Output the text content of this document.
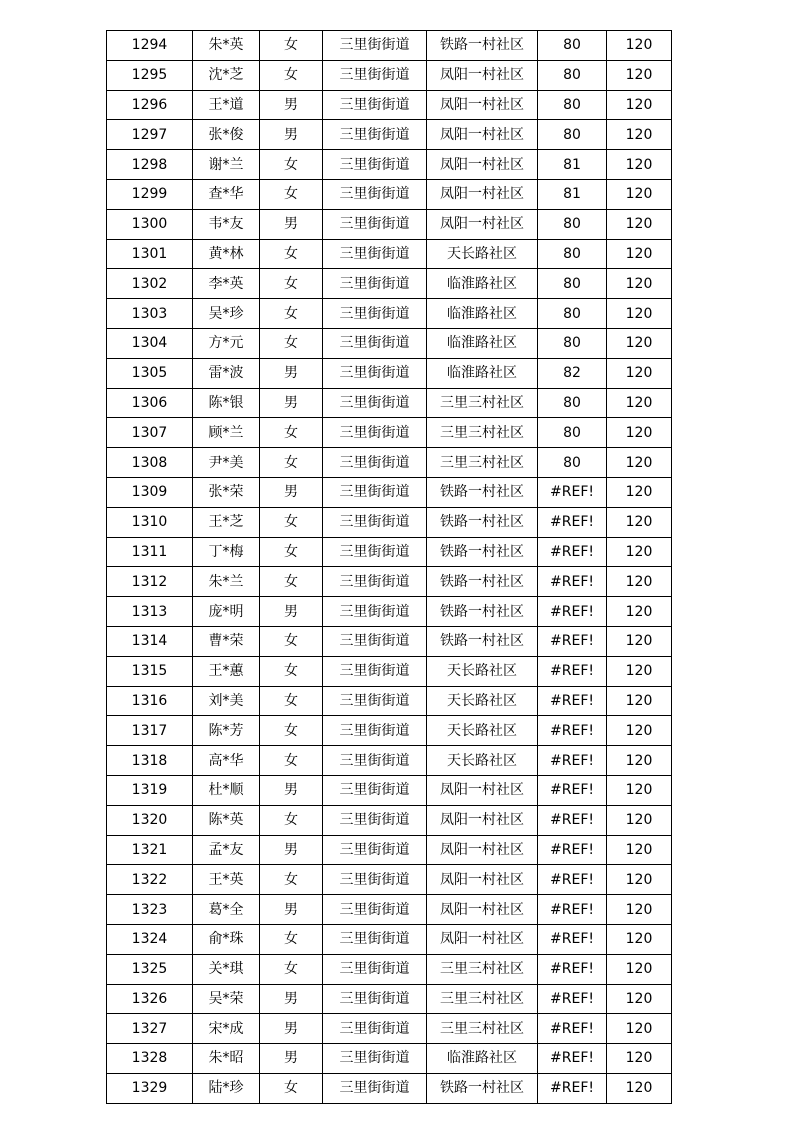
1294	朱*英	女	三里街街道	铁路一村社区	80	120
1295	沈*芝	女	三里街街道	凤阳一村社区	80	120
1296	王*道	男	三里街街道	凤阳一村社区	80	120
1297	张*俊	男	三里街街道	凤阳一村社区	80	120
1298	谢*兰	女	三里街街道	凤阳一村社区	81	120
1299	查*华	女	三里街街道	凤阳一村社区	81	120
1300	韦*友	男	三里街街道	凤阳一村社区	80	120
1301	黄*林	女	三里街街道	天长路社区	80	120
1302	李*英	女	三里街街道	临淮路社区	80	120
1303	吴*珍	女	三里街街道	临淮路社区	80	120
1304	方*元	女	三里街街道	临淮路社区	80	120
1305	雷*波	男	三里街街道	临淮路社区	82	120
1306	陈*银	男	三里街街道	三里三村社区	80	120
1307	顾*兰	女	三里街街道	三里三村社区	80	120
1308	尹*美	女	三里街街道	三里三村社区	80	120
1309	张*荣	男	三里街街道	铁路一村社区	#REF!	120
1310	王*芝	女	三里街街道	铁路一村社区	#REF!	120
1311	丁*梅	女	三里街街道	铁路一村社区	#REF!	120
1312	朱*兰	女	三里街街道	铁路一村社区	#REF!	120
1313	庞*明	男	三里街街道	铁路一村社区	#REF!	120
1314	曹*荣	女	三里街街道	铁路一村社区	#REF!	120
1315	王*蕙	女	三里街街道	天长路社区	#REF!	120
1316	刘*美	女	三里街街道	天长路社区	#REF!	120
1317	陈*芳	女	三里街街道	天长路社区	#REF!	120
1318	高*华	女	三里街街道	天长路社区	#REF!	120
1319	杜*顺	男	三里街街道	凤阳一村社区	#REF!	120
1320	陈*英	女	三里街街道	凤阳一村社区	#REF!	120
1321	孟*友	男	三里街街道	凤阳一村社区	#REF!	120
1322	王*英	女	三里街街道	凤阳一村社区	#REF!	120
1323	葛*全	男	三里街街道	凤阳一村社区	#REF!	120
1324	俞*珠	女	三里街街道	凤阳一村社区	#REF!	120
1325	关*琪	女	三里街街道	三里三村社区	#REF!	120
1326	吴*荣	男	三里街街道	三里三村社区	#REF!	120
1327	宋*成	男	三里街街道	三里三村社区	#REF!	120
1328	朱*昭	男	三里街街道	临淮路社区	#REF!	120
1329	陆*珍	女	三里街街道	铁路一村社区	#REF!	120
